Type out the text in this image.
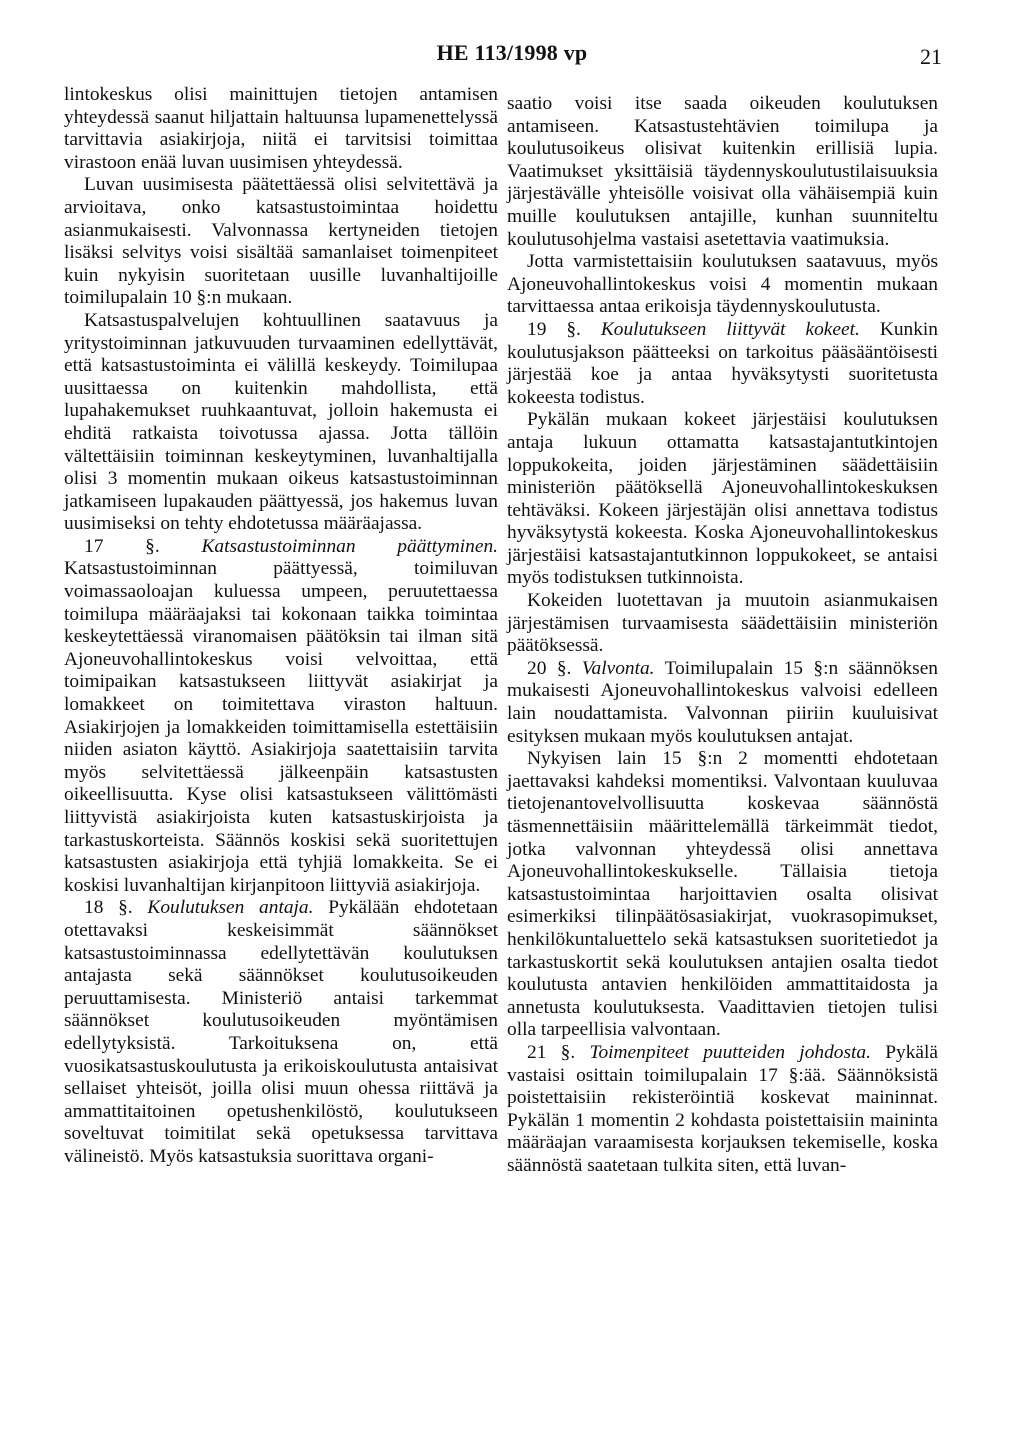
HE 113/1998 vp	21

lintokeskus olisi mainittujen tietojen antamisen yhteydessä saanut hiljattain haltuunsa lupamenettelyssä tarvittavia asiakirjoja, niitä ei tarvitsisi toimittaa virastoon enää luvan uusimisen yhteydessä.

Luvan uusimisesta päätettäessä olisi selvitettävä ja arvioitava, onko katsastustoimintaa hoidettu asianmukaisesti. Valvonnassa kertyneiden tietojen lisäksi selvitys voisi sisältää samanlaiset toimenpiteet kuin nykyisin suoritetaan uusille luvanhaltijoille toimilupalain 10 §:n mukaan.

Katsastuspalvelujen kohtuullinen saatavuus ja yritystoiminnan jatkuvuuden turvaaminen edellyttävät, että katsastustoiminta ei välillä keskeydy. Toimilupaa uusittaessa on kuitenkin mahdollista, että lupahakemukset ruuhkaantuvat, jolloin hakemusta ei ehditä ratkaista toivotussa ajassa. Jotta tällöin vältettäisiin toiminnan keskeytyminen, luvanhaltijalla olisi 3 momentin mukaan oikeus katsastustoiminnan jatkamiseen lupakauden päättyessä, jos hakemus luvan uusimiseksi on tehty ehdotetussa määräajassa.

17 §. Katsastustoiminnan päättyminen. Katsastustoiminnan päättyessä, toimiluvan voimassaoloajan kuluessa umpeen, peruutettaessa toimilupa määräajaksi tai kokonaan taikka toimintaa keskeytettäessä viranomaisen päätöksin tai ilman sitä Ajoneuvohallintokeskus voisi velvoittaa, että toimipaikan katsastukseen liittyvät asiakirjat ja lomakkeet on toimitettava viraston haltuun. Asiakirjojen ja lomakkeiden toimittamisella estettäisiin niiden asiaton käyttö. Asiakirjoja saatettaisiin tarvita myös selvitettäessä jälkeenpäin katsastusten oikeellisuutta. Kyse olisi katsastukseen välittömästi liittyvistä asiakirjoista kuten katsastuskirjoista ja tarkastuskorteista. Säännös koskisi sekä suoritettujen katsastusten asiakirjoja että tyhjiä lomakkeita. Se ei koskisi luvanhaltijan kirjanpitoon liittyviä asiakirjoja.

18 §. Koulutuksen antaja. Pykälään ehdotetaan otettavaksi keskeisimmät säännökset katsastustoiminnassa edellytettävän koulutuksen antajasta sekä säännökset koulutusoikeuden peruuttamisesta. Ministeriö antaisi tarkemmat säännökset koulutusoikeuden myöntämisen edellytyksistä. Tarkoituksena on, että vuosikatsastuskoulutusta ja erikoiskoulutusta antaisivat sellaiset yhteisöt, joilla olisi muun ohessa riittävä ja ammattitaitoinen opetushenkilöstö, koulutukseen soveltuvat toimitilat sekä opetuksessa tarvittava välineistö. Myös katsastuksia suorittava organi-

saatio voisi itse saada oikeuden koulutuksen antamiseen. Katsastustehtävien toimilupa ja koulutusoikeus olisivat kuitenkin erillisiä lupia. Vaatimukset yksittäisiä täydennyskoulutustilaisuuksia järjestävälle yhteisölle voisivat olla vähäisempiä kuin muille koulutuksen antajille, kunhan suunniteltu koulutusohjelma vastaisi asetettavia vaatimuksia.

Jotta varmistettaisiin koulutuksen saatavuus, myös Ajoneuvohallintokeskus voisi 4 momentin mukaan tarvittaessa antaa erikoisja täydennyskoulutusta.

19 §. Koulutukseen liittyvät kokeet. Kunkin koulutusjakson päätteeksi on tarkoitus pääsääntöisesti järjestää koe ja antaa hyväksytysti suoritetusta kokeesta todistus.

Pykälän mukaan kokeet järjestäisi koulutuksen antaja lukuun ottamatta katsastajantutkintojen loppukokeita, joiden järjestäminen säädettäisiin ministeriön päätöksellä Ajoneuvohallintokeskuksen tehtäväksi. Kokeen järjestäjän olisi annettava todistus hyväksytystä kokeesta. Koska Ajoneuvohallintokeskus järjestäisi katsastajantutkinnon loppukokeet, se antaisi myös todistuksen tutkinnoista.

Kokeiden luotettavan ja muutoin asianmukaisen järjestämisen turvaamisesta säädettäisiin ministeriön päätöksessä.

20 §. Valvonta. Toimilupalain 15 §:n säännöksen mukaisesti Ajoneuvohallintokeskus valvoisi edelleen lain noudattamista. Valvonnan piiriin kuuluisivat esityksen mukaan myös koulutuksen antajat.

Nykyisen lain 15 §:n 2 momentti ehdotetaan jaettavaksi kahdeksi momentiksi. Valvontaan kuuluvaa tietojenantovelvollisuutta koskevaa säännöstä täsmennettäisiin määrittelemällä tärkeimmät tiedot, jotka valvonnan yhteydessä olisi annettava Ajoneuvohallintokeskukselle. Tällaisia tietoja katsastustoimintaa harjoittavien osalta olisivat esimerkiksi tilinpäätösasiakirjat, vuokrasopimukset, henkilökuntaluettelo sekä katsastuksen suoritetiedot ja tarkastuskortit sekä koulutuksen antajien osalta tiedot koulutusta antavien henkilöiden ammattitaidosta ja annetusta koulutuksesta. Vaadittavien tietojen tulisi olla tarpeellisia valvontaan.

21 §. Toimenpiteet puutteiden johdosta. Pykälä vastaisi osittain toimilupalain 17 §:ää. Säännöksistä poistettaisiin rekisteröintiä koskevat maininnat. Pykälän 1 momentin 2 kohdasta poistettaisiin maininta määräajan varaamisesta korjauksen tekemiselle, koska säännöstä saatetaan tulkita siten, että luvan-
